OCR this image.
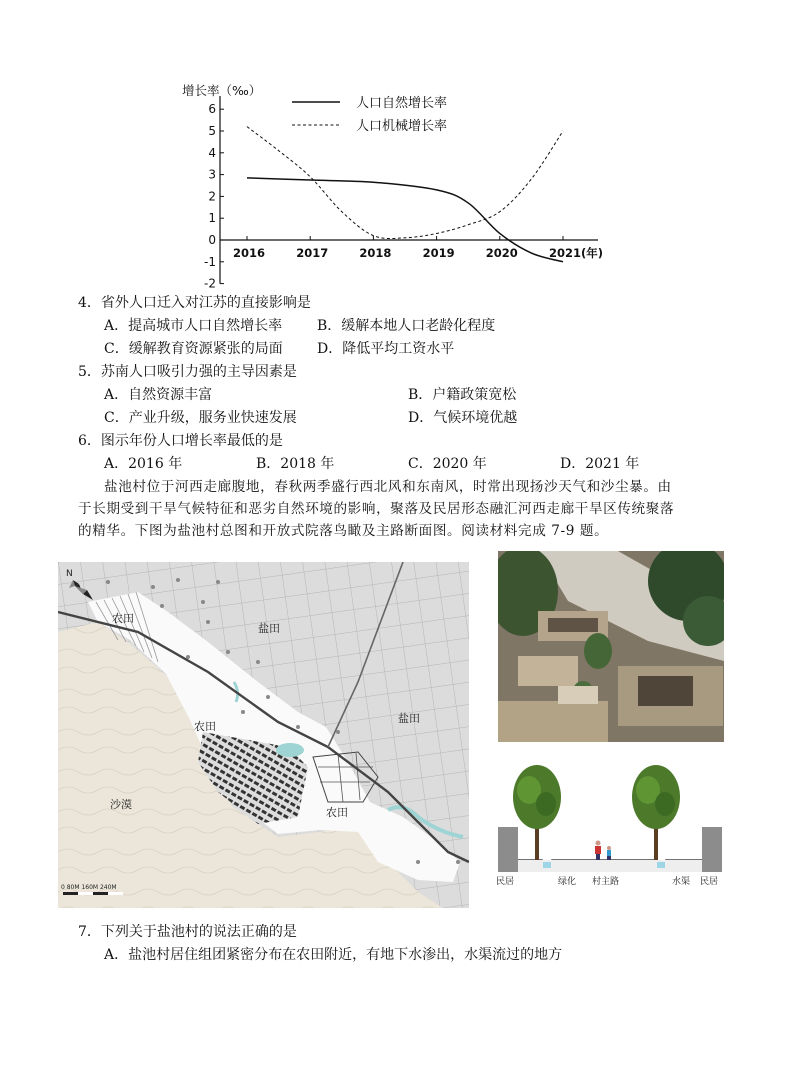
6
5
4
3
2
1
0
-1
-2
2016	2017	2018	2019	2020	2021(年)
增长率（‰）
人口自然增长率
人口机械增长率
4．省外人口迁入对江苏的直接影响是
A．提高城市人口自然增长率 B．缓解本地人口老龄化程度
C．缓解教育资源紧张的局面 D．降低平均工资水平
5．苏南人口吸引力强的主导因素是
A．自然资源丰富	B．户籍政策宽松
C．产业升级，服务业快速发展	D．气候环境优越
6．图示年份人口增长率最低的是
A．2016 年	B．2018 年	C．2020 年	D．2021 年
盐池村位于河西走廊腹地，春秋两季盛行西北风和东南风，时常出现扬沙天气和沙尘暴。由
于长期受到干旱气候特征和恶劣自然环境的影响，聚落及民居形态融汇河西走廊干旱区传统聚落
的精华。下图为盐池村总图和开放式院落鸟瞰及主路断面图。阅读材料完成 7-9 题。
N
农田
盐田
盐田
农田
农田
沙漠
0 80M 160M 240M
民居	绿化 村主路	水渠 民居
7．下列关于盐池村的说法正确的是
A．盐池村居住组团紧密分布在农田附近，有地下水渗出，水渠流过的地方
